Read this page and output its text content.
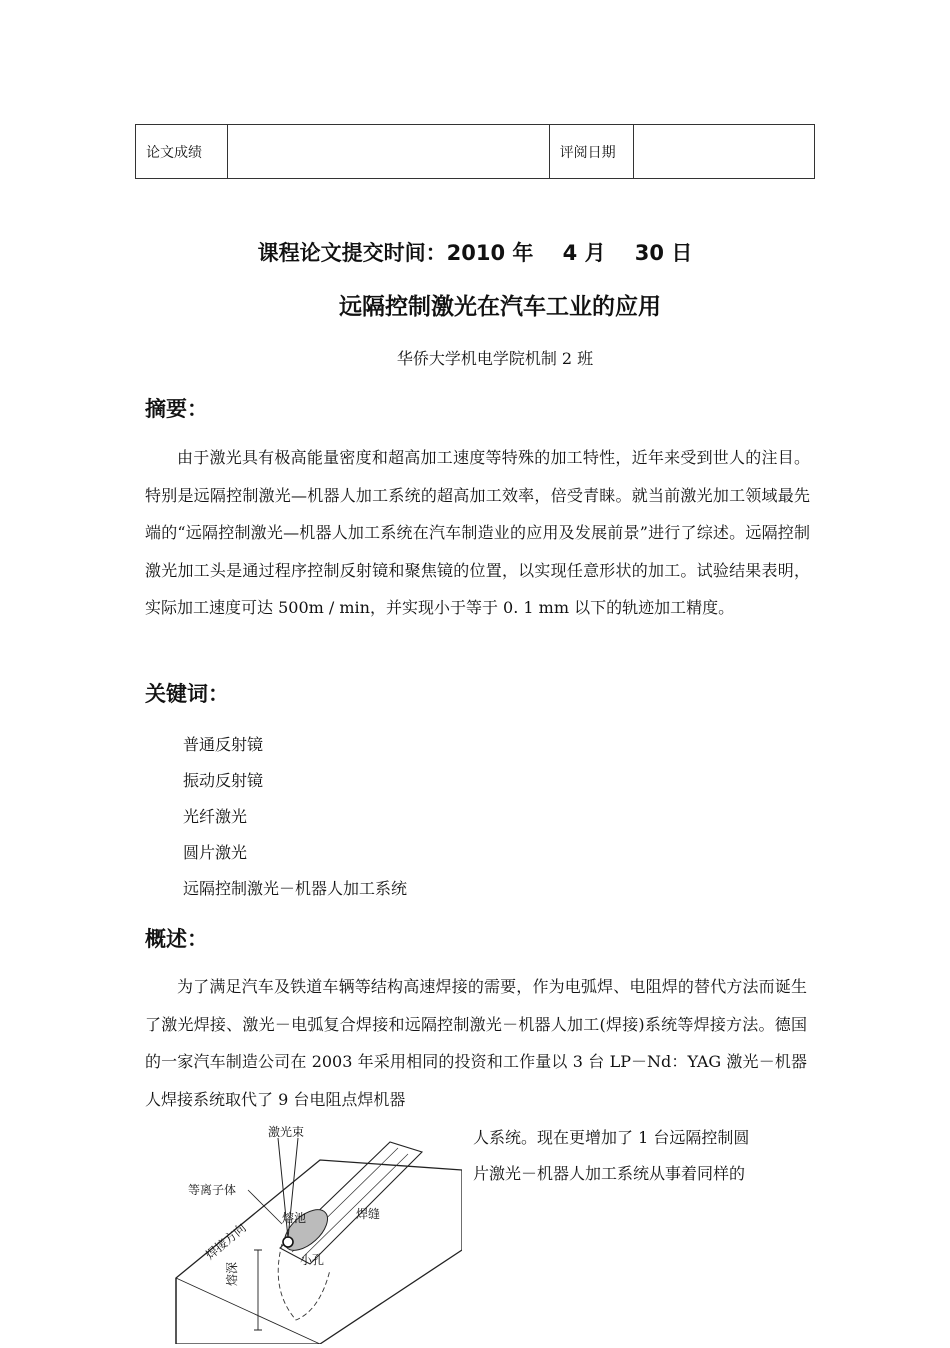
论文成绩		评阅日期	
课程论文提交时间：2010 年    4 月    30 日
远隔控制激光在汽车工业的应用
华侨大学机电学院机制 2 班
摘要：

由于激光具有极高能量密度和超高加工速度等特殊的加工特性，近年来受到世人的注目。特别是远隔控制激光—机器人加工系统的超高加工效率，倍受青睐。就当前激光加工领域最先端的“远隔控制激光—机器人加工系统在汽车制造业的应用及发展前景”进行了综述。远隔控制激光加工头是通过程序控制反射镜和聚焦镜的位置，以实现任意形状的加工。试验结果表明，实际加工速度可达 500m / min，并实现小于等于 0. 1 mm 以下的轨迹加工精度。

关键词：
普通反射镜
振动反射镜
光纤激光
圆片激光
远隔控制激光－机器人加工系统
概述：

为了满足汽车及铁道车辆等结构高速焊接的需要，作为电弧焊、电阻焊的替代方法而诞生了激光焊接、激光－电弧复合焊接和远隔控制激光－机器人加工(焊接)系统等焊接方法。德国的一家汽车制造公司在 2003 年采用相同的投资和工作量以 3 台 LP－Nd：YAG 激光－机器人焊接系统取代了 9 台电阻点焊机器

人系统。现在更增加了 1 台远隔控制圆
片激光－机器人加工系统从事着同样的
激光束
等离子体
熔池	焊缝
焊接方向
熔深
小孔
